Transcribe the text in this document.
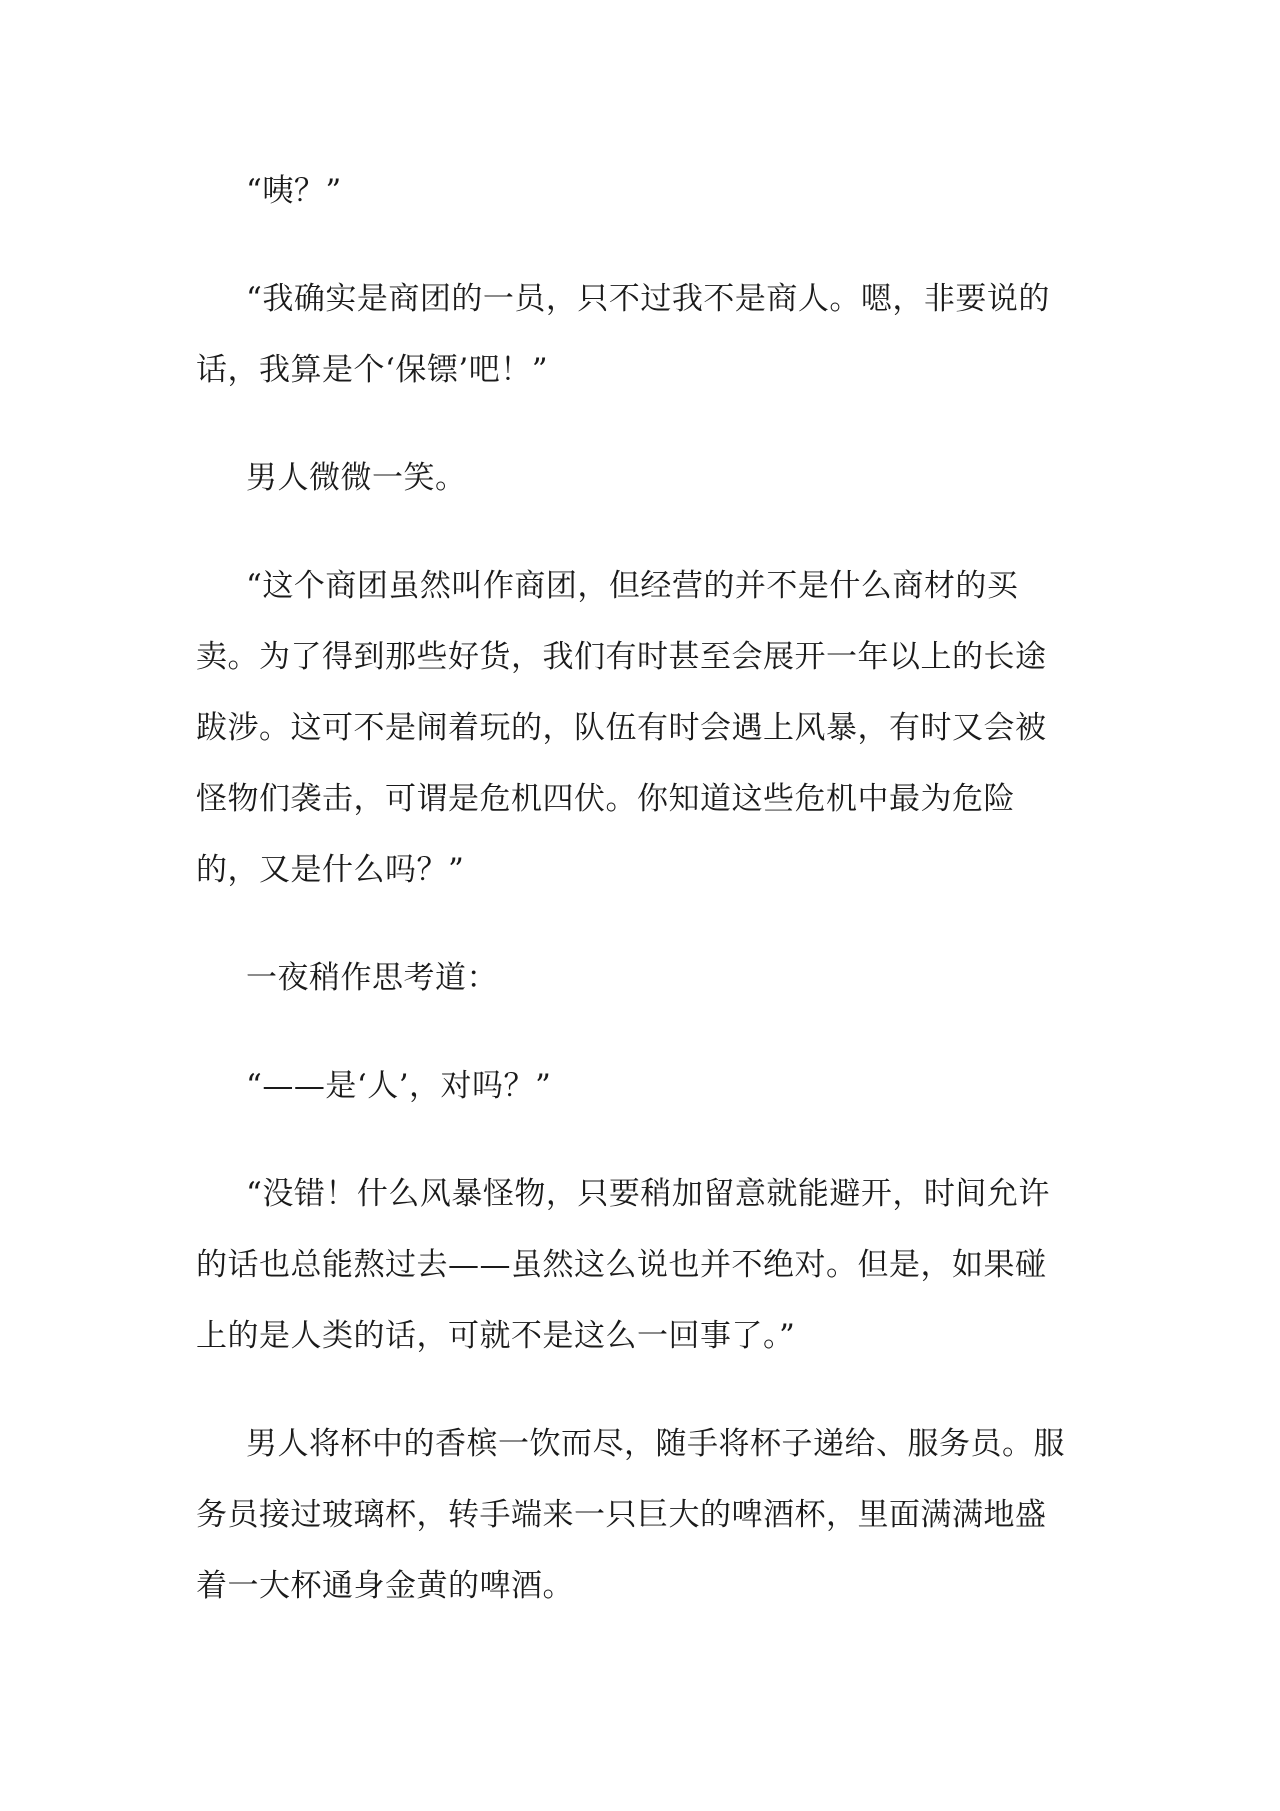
“咦？”

“我确实是商团的一员，只不过我不是商人。嗯，非要说的话，我算是个‘保镖’吧！”

男人微微一笑。

“这个商团虽然叫作商团，但经营的并不是什么商材的买卖。为了得到那些好货，我们有时甚至会展开一年以上的长途跋涉。这可不是闹着玩的，队伍有时会遇上风暴，有时又会被怪物们袭击，可谓是危机四伏。你知道这些危机中最为危险的，又是什么吗？”

一夜稍作思考道：

“——是‘人’，对吗？”

“没错！什么风暴怪物，只要稍加留意就能避开，时间允许的话也总能熬过去——虽然这么说也并不绝对。但是，如果碰上的是人类的话，可就不是这么一回事了。”

男人将杯中的香槟一饮而尽，随手将杯子递给、服务员。服务员接过玻璃杯，转手端来一只巨大的啤酒杯，里面满满地盛着一大杯通身金黄的啤酒。
